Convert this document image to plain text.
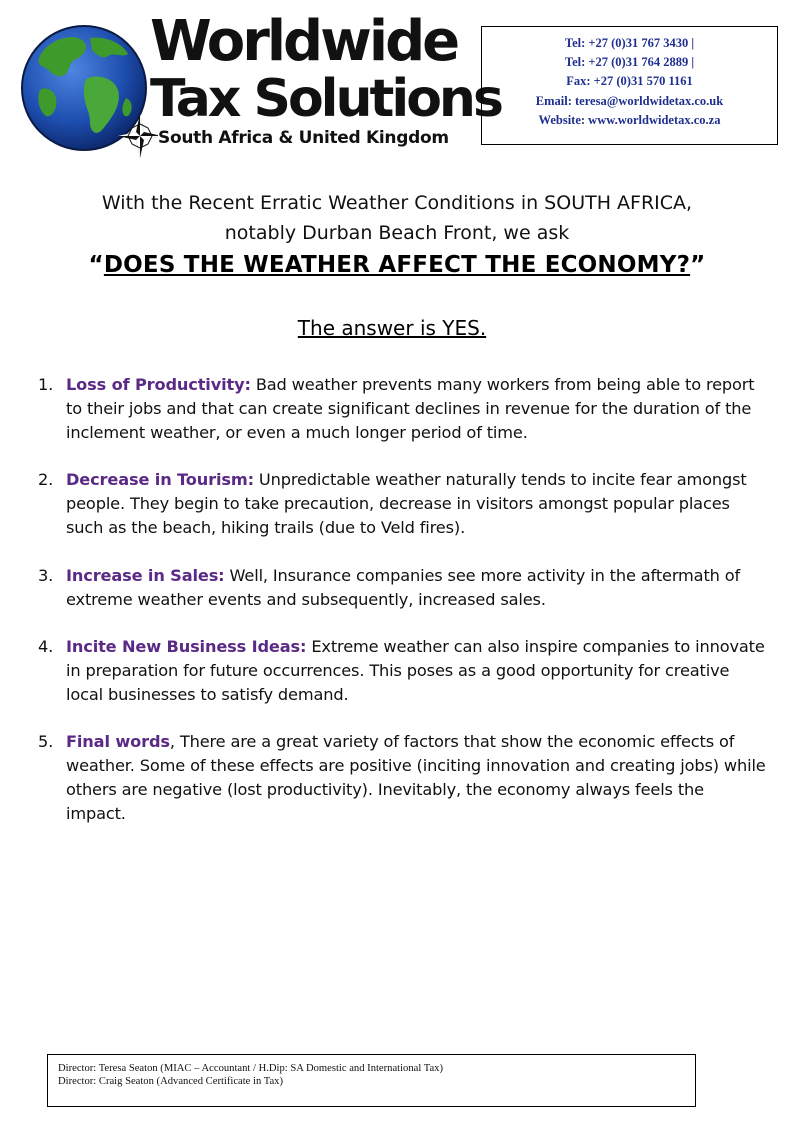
Worldwide
Tax Solutions
South Africa & United Kingdom
Tel: +27 (0)31 767 3430 |
Tel: +27 (0)31 764 2889 |
Fax: +27 (0)31 570 1161
Email: teresa@worldwidetax.co.uk
Website: www.worldwidetax.co.za
With the Recent Erratic Weather Conditions in SOUTH AFRICA,
notably Durban Beach Front, we ask
“DOES THE WEATHER AFFECT THE ECONOMY?”
The answer is YES.
1. Loss of Productivity: Bad weather prevents many workers from being able to report to their jobs and that can create significant declines in revenue for the duration of the inclement weather, or even a much longer period of time.
2. Decrease in Tourism: Unpredictable weather naturally tends to incite fear amongst people. They begin to take precaution, decrease in visitors amongst popular places such as the beach, hiking trails (due to Veld fires).
3. Increase in Sales: Well, Insurance companies see more activity in the aftermath of extreme weather events and subsequently, increased sales.
4. Incite New Business Ideas: Extreme weather can also inspire companies to innovate in preparation for future occurrences. This poses as a good opportunity for creative local businesses to satisfy demand.
5. Final words, There are a great variety of factors that show the economic effects of weather. Some of these effects are positive (inciting innovation and creating jobs) while others are negative (lost productivity). Inevitably, the economy always feels the impact.
Director: Teresa Seaton (MIAC – Accountant / H.Dip: SA Domestic and International Tax)
Director: Craig Seaton (Advanced Certificate in Tax)
